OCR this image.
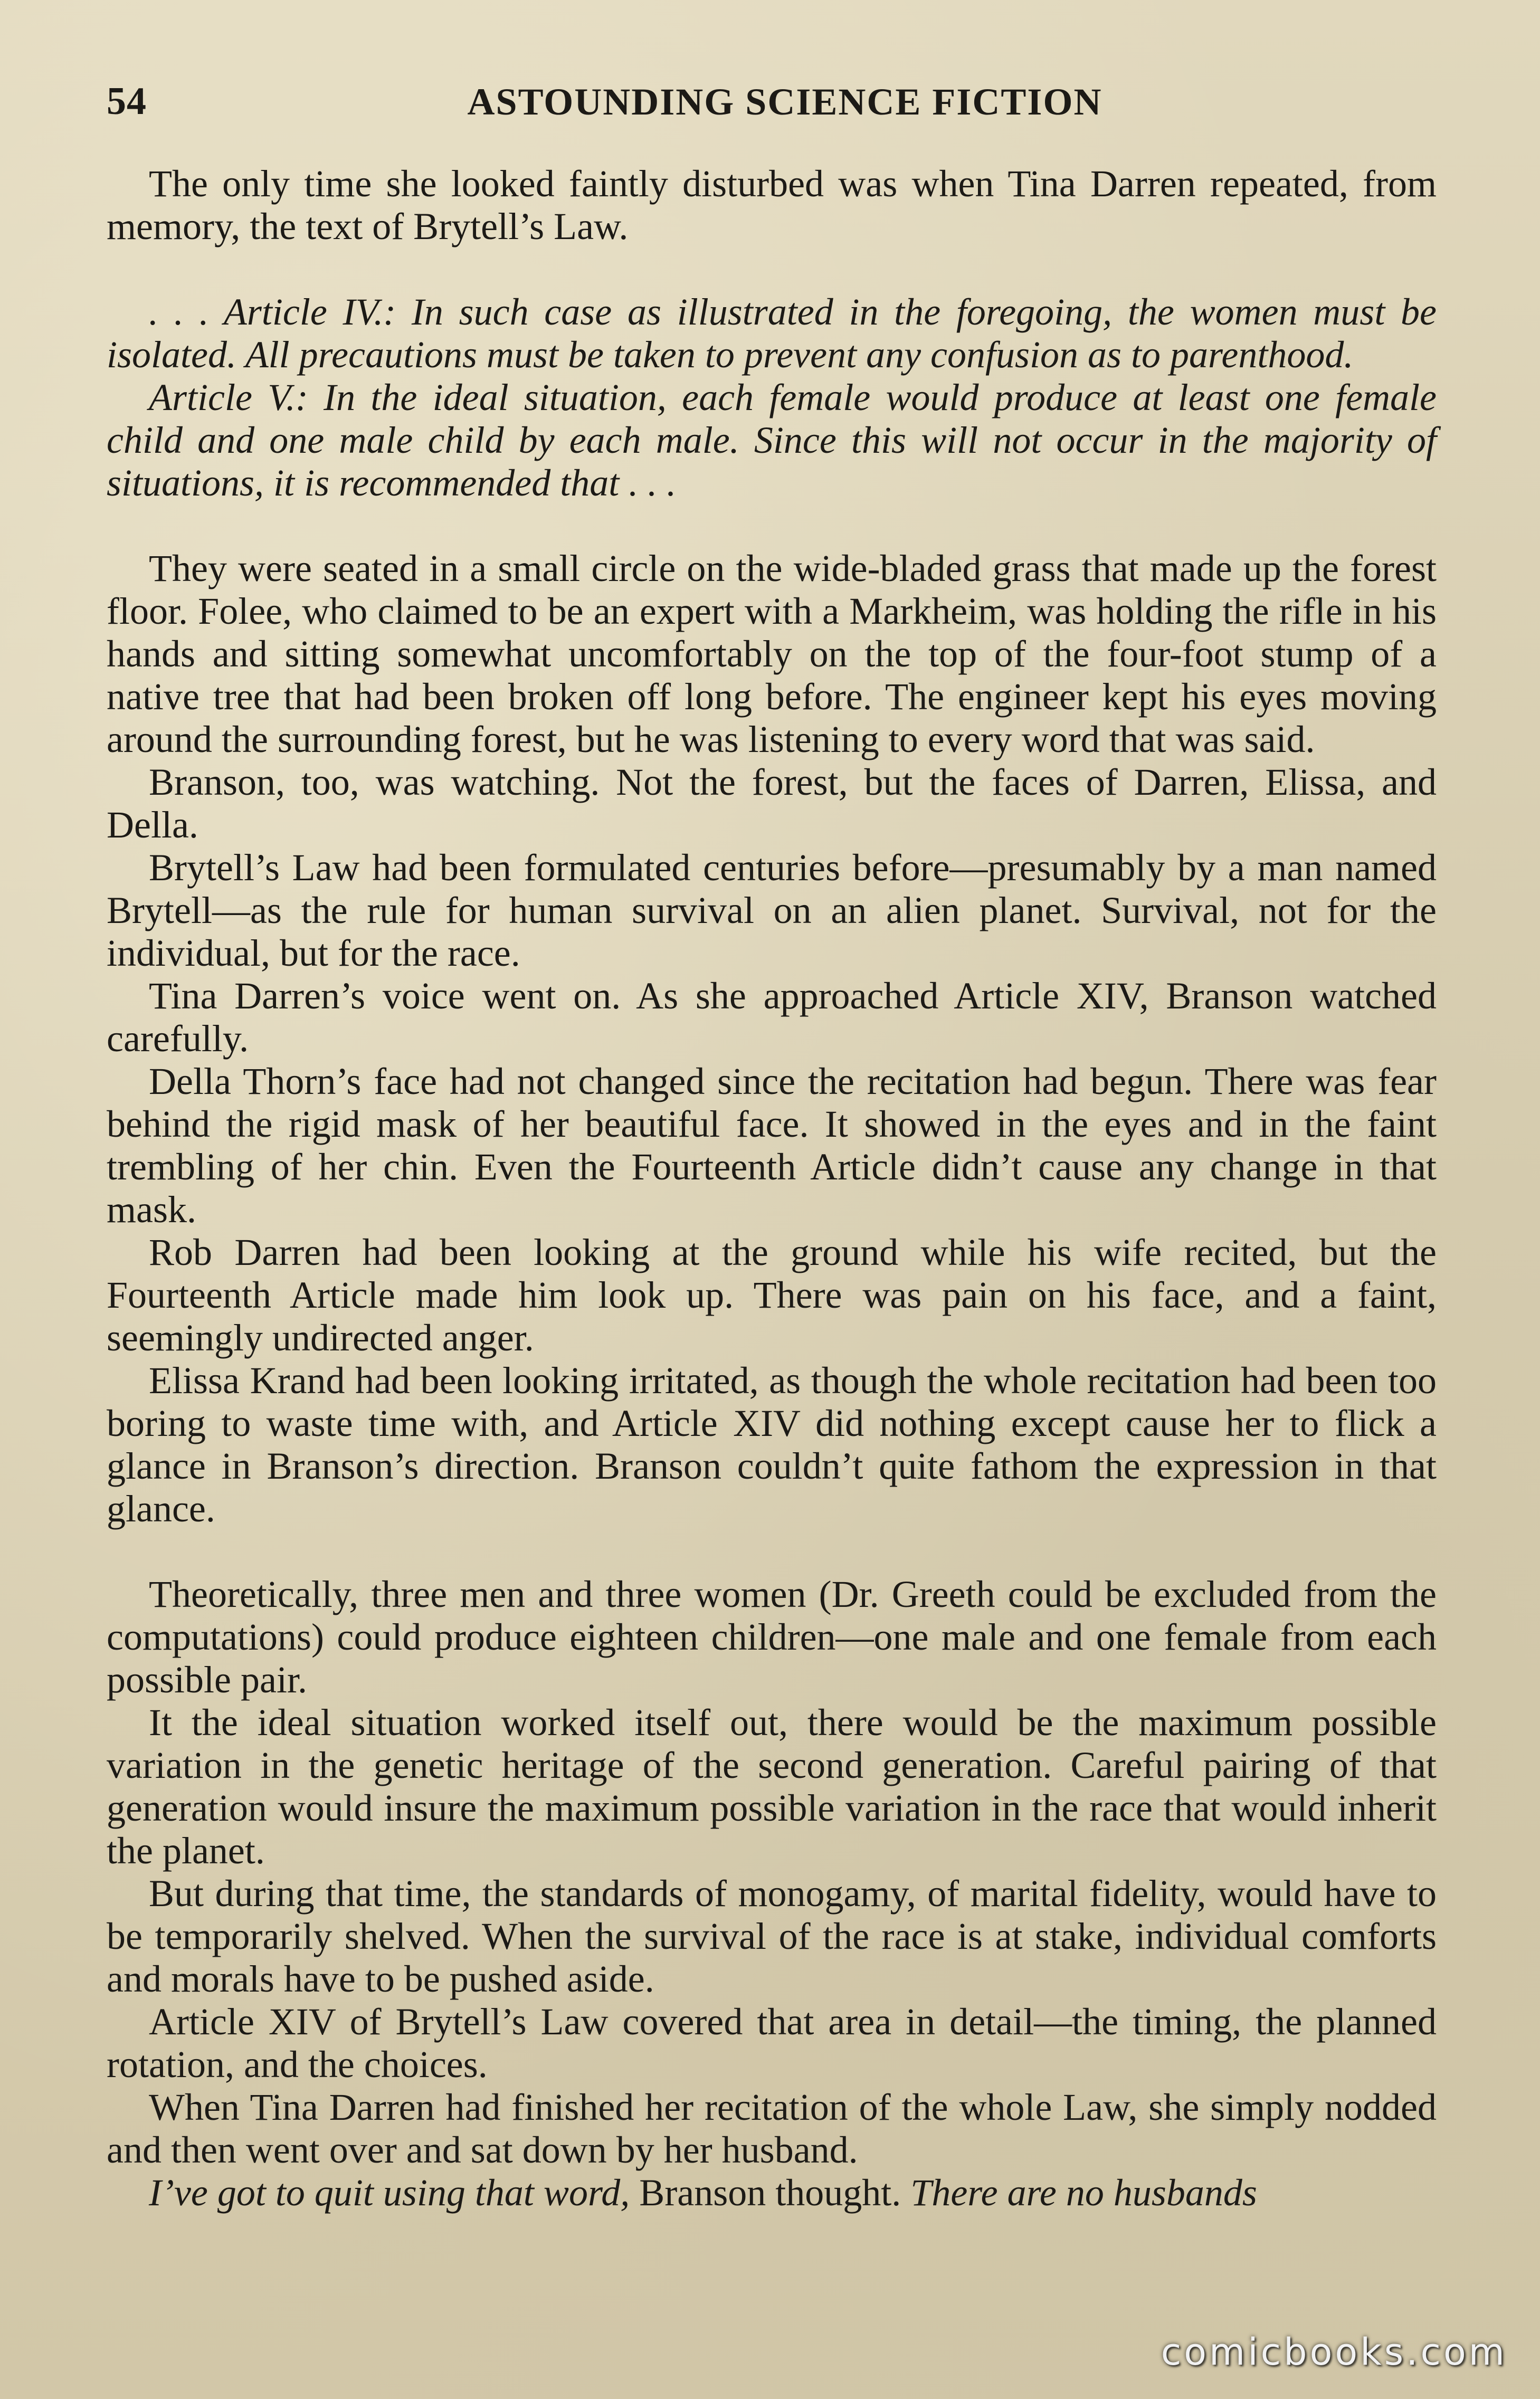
54	ASTOUNDING SCIENCE FICTION

The only time she looked faintly disturbed was when Tina Darren repeated, from memory, the text of Brytell’s Law.

. . . Article IV.: In such case as illustrated in the foregoing, the women must be isolated. All precautions must be taken to prevent any confusion as to parenthood.

Article V.: In the ideal situation, each female would produce at least one female child and one male child by each male. Since this will not occur in the majority of situations, it is recommended that . . .

They were seated in a small circle on the wide-bladed grass that made up the forest floor. Folee, who claimed to be an expert with a Markheim, was holding the rifle in his hands and sitting somewhat uncomfortably on the top of the four-foot stump of a native tree that had been broken off long before. The engineer kept his eyes moving around the surrounding forest, but he was listening to every word that was said.

Branson, too, was watching. Not the forest, but the faces of Darren, Elissa, and Della.

Brytell’s Law had been formulated centuries before—presumably by a man named Brytell—as the rule for human survival on an alien planet. Survival, not for the individual, but for the race.

Tina Darren’s voice went on. As she approached Article XIV, Branson watched carefully.

Della Thorn’s face had not changed since the recitation had begun. There was fear behind the rigid mask of her beautiful face. It showed in the eyes and in the faint trembling of her chin. Even the Fourteenth Article didn’t cause any change in that mask.

Rob Darren had been looking at the ground while his wife recited, but the Fourteenth Article made him look up. There was pain on his face, and a faint, seemingly undirected anger.

Elissa Krand had been looking irritated, as though the whole recitation had been too boring to waste time with, and Article XIV did nothing except cause her to flick a glance in Branson’s direction. Branson couldn’t quite fathom the expression in that glance.

Theoretically, three men and three women (Dr. Greeth could be excluded from the computations) could produce eighteen children—one male and one female from each possible pair.

It the ideal situation worked itself out, there would be the maximum possible variation in the genetic heritage of the second generation. Careful pairing of that generation would insure the maximum possible variation in the race that would inherit the planet.

But during that time, the standards of monogamy, of marital fidelity, would have to be temporarily shelved. When the survival of the race is at stake, individual comforts and morals have to be pushed aside.

Article XIV of Brytell’s Law covered that area in detail—the timing, the planned rotation, and the choices.

When Tina Darren had finished her recitation of the whole Law, she simply nodded and then went over and sat down by her husband.

I’ve got to quit using that word, Branson thought. There are no husbands

comicbooks.com
